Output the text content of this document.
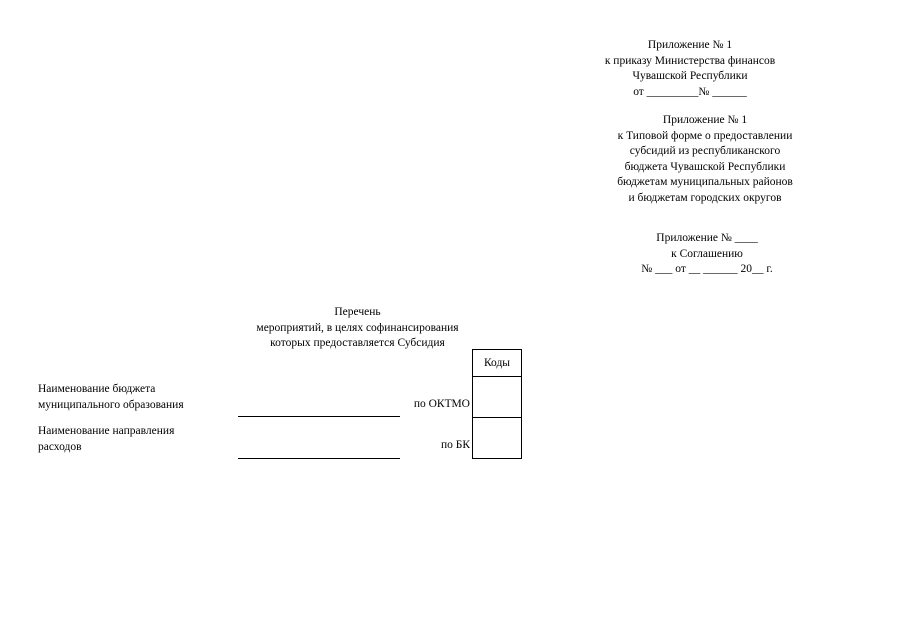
Приложение № 1
к приказу Министерства финансов
Чувашской Республики
от _________№ ______
Приложение № 1
к Типовой форме о предоставлении
субсидий из республиканского
бюджета Чувашской Республики
бюджетам муниципальных районов
и бюджетам городских округов
Приложение № ____
к Соглашению
№ ___ от __ ______ 20__ г.
Перечень
мероприятий, в целях софинансирования
которых предоставляется Субсидия
Наименование бюджета
муниципального образования	по ОКТМО
Наименование направления
расходов	по БК
Коды
